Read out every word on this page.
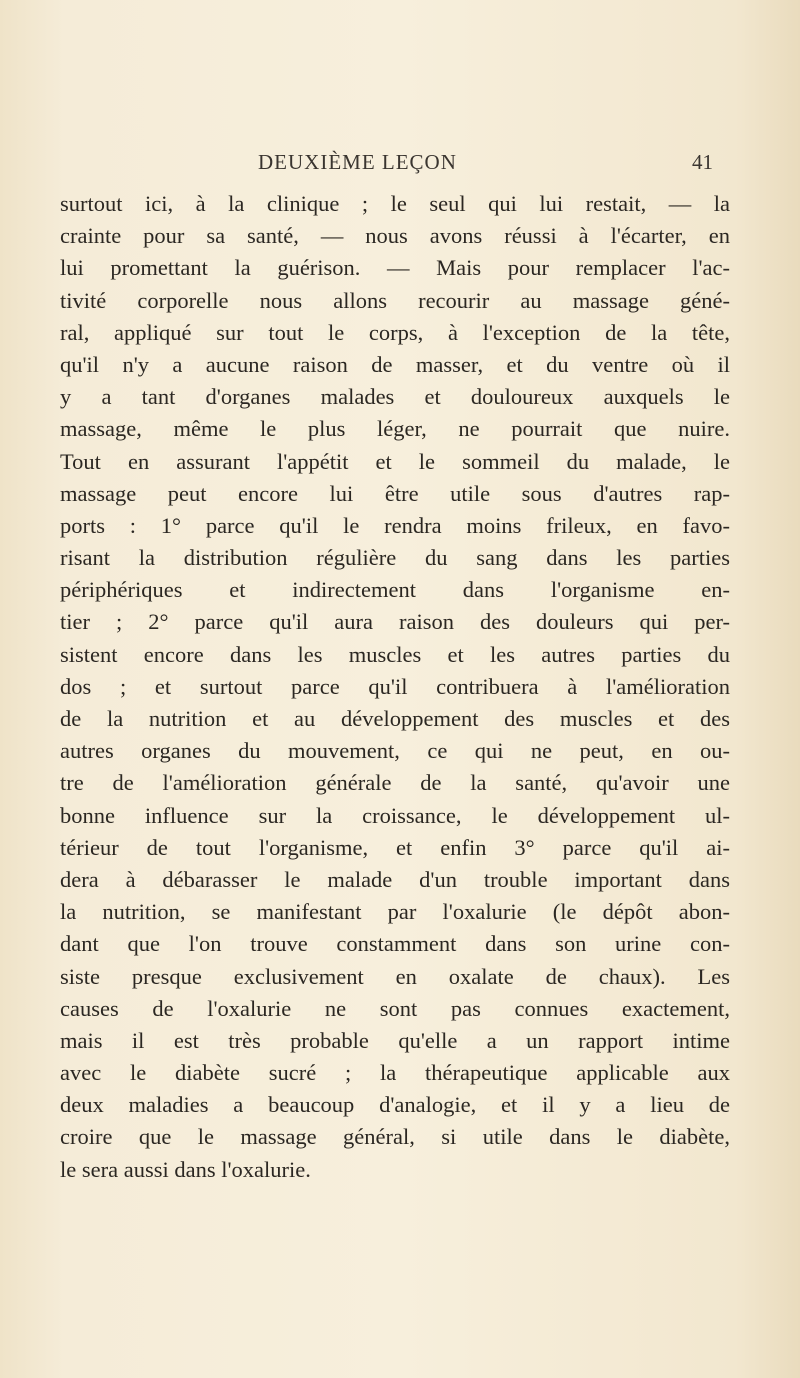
DEUXIÈME LEÇON	41
surtout ici, à la clinique ; le seul qui lui restait, — la
crainte pour sa santé, — nous avons réussi à l'écarter, en
lui promettant la guérison. — Mais pour remplacer l'ac-
tivité corporelle nous allons recourir au massage géné-
ral, appliqué sur tout le corps, à l'exception de la tête,
qu'il n'y a aucune raison de masser, et du ventre où il
y a tant d'organes malades et douloureux auxquels le
massage, même le plus léger, ne pourrait que nuire.
Tout en assurant l'appétit et le sommeil du malade, le
massage peut encore lui être utile sous d'autres rap-
ports : 1° parce qu'il le rendra moins frileux, en favo-
risant la distribution régulière du sang dans les parties
périphériques et indirectement dans l'organisme en-
tier ; 2° parce qu'il aura raison des douleurs qui per-
sistent encore dans les muscles et les autres parties du
dos ; et surtout parce qu'il contribuera à l'amélioration
de la nutrition et au développement des muscles et des
autres organes du mouvement, ce qui ne peut, en ou-
tre de l'amélioration générale de la santé, qu'avoir une
bonne influence sur la croissance, le développement ul-
térieur de tout l'organisme, et enfin 3° parce qu'il ai-
dera à débarasser le malade d'un trouble important dans
la nutrition, se manifestant par l'oxalurie (le dépôt abon-
dant que l'on trouve constamment dans son urine con-
siste presque exclusivement en oxalate de chaux). Les
causes de l'oxalurie ne sont pas connues exactement,
mais il est très probable qu'elle a un rapport intime
avec le diabète sucré ; la thérapeutique applicable aux
deux maladies a beaucoup d'analogie, et il y a lieu de
croire que le massage général, si utile dans le diabète,
le sera aussi dans l'oxalurie.
